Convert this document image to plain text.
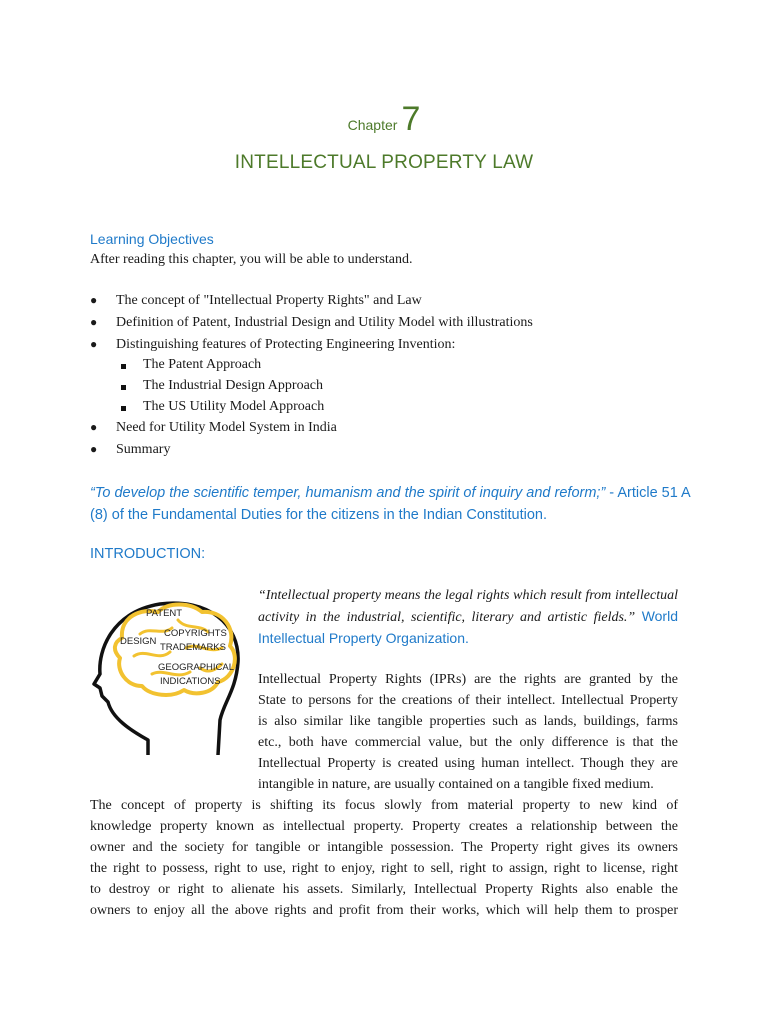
Chapter 7
INTELLECTUAL PROPERTY LAW
Learning Objectives
After reading this chapter, you will be able to understand.
● The concept of "Intellectual Property Rights" and Law
● Definition of Patent, Industrial Design and Utility Model with illustrations
● Distinguishing features of Protecting Engineering Invention:
The Patent Approach
The Industrial Design Approach
The US Utility Model Approach
● Need for Utility Model System in India
● Summary
“To develop the scientific temper, humanism and the spirit of inquiry and reform;” - Article 51 A (8) of the Fundamental Duties for the citizens in the Indian Constitution.
INTRODUCTION:
PATENT
DESIGN
COPYRIGHTS
TRADEMARKS
GEOGRAPHICAL
INDICATIONS
“Intellectual property means the legal rights which result from intellectual activity in the industrial, scientific, literary and artistic fields.” World Intellectual Property Organization.
Intellectual Property Rights (IPRs) are the rights are granted by the
State to persons for the creations of their intellect. Intellectual Property
is also similar like tangible properties such as lands, buildings, farms
etc., both have commercial value, but the only difference is that the
Intellectual Property is created using human intellect. Though they are
intangible in nature, are usually contained on a tangible fixed medium.
The concept of property is shifting its focus slowly from material property to new kind of
knowledge property known as intellectual property. Property creates a relationship between the
owner and the society for tangible or intangible possession. The Property right gives its owners
the right to possess, right to use, right to enjoy, right to sell, right to assign, right to license, right
to destroy or right to alienate his assets. Similarly, Intellectual Property Rights also enable the
owners to enjoy all the above rights and profit from their works, which will help them to prosper
